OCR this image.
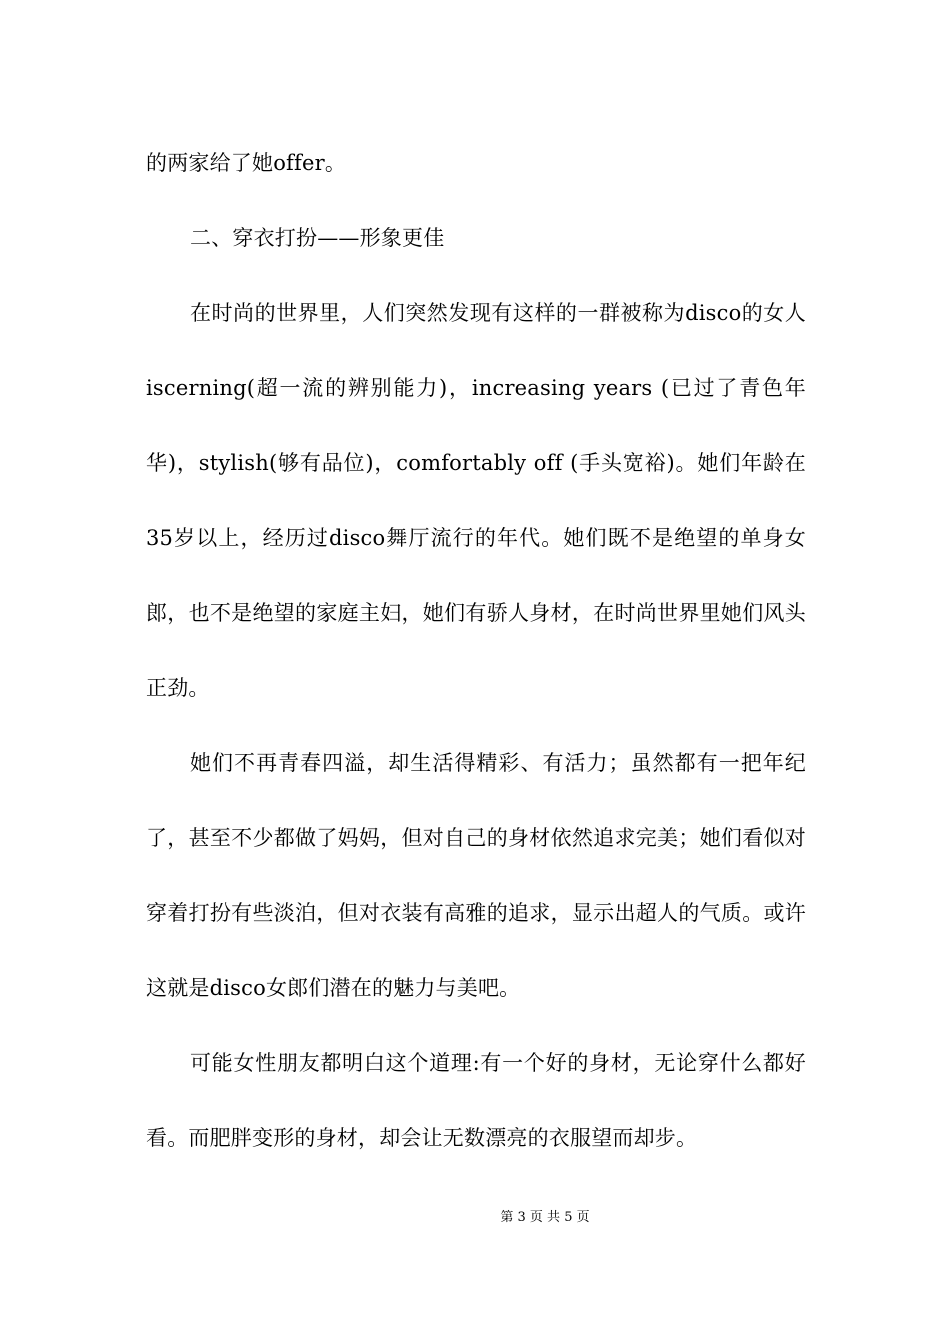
的两家给了她offer。

二、穿衣打扮——形象更佳

在时尚的世界里，人们突然发现有这样的一群被称为disco的女人iscerning(超一流的辨别能力)，increasing years (已过了青色年华)，stylish(够有品位)，comfortably off (手头宽裕)。她们年龄在35岁以上，经历过disco舞厅流行的年代。她们既不是绝望的单身女郎，也不是绝望的家庭主妇，她们有骄人身材，在时尚世界里她们风头正劲。

她们不再青春四溢，却生活得精彩、有活力；虽然都有一把年纪了，甚至不少都做了妈妈，但对自己的身材依然追求完美；她们看似对穿着打扮有些淡泊，但对衣装有高雅的追求，显示出超人的气质。或许这就是disco女郎们潜在的魅力与美吧。

可能女性朋友都明白这个道理:有一个好的身材，无论穿什么都好看。而肥胖变形的身材，却会让无数漂亮的衣服望而却步。

第 3 页 共 5 页
